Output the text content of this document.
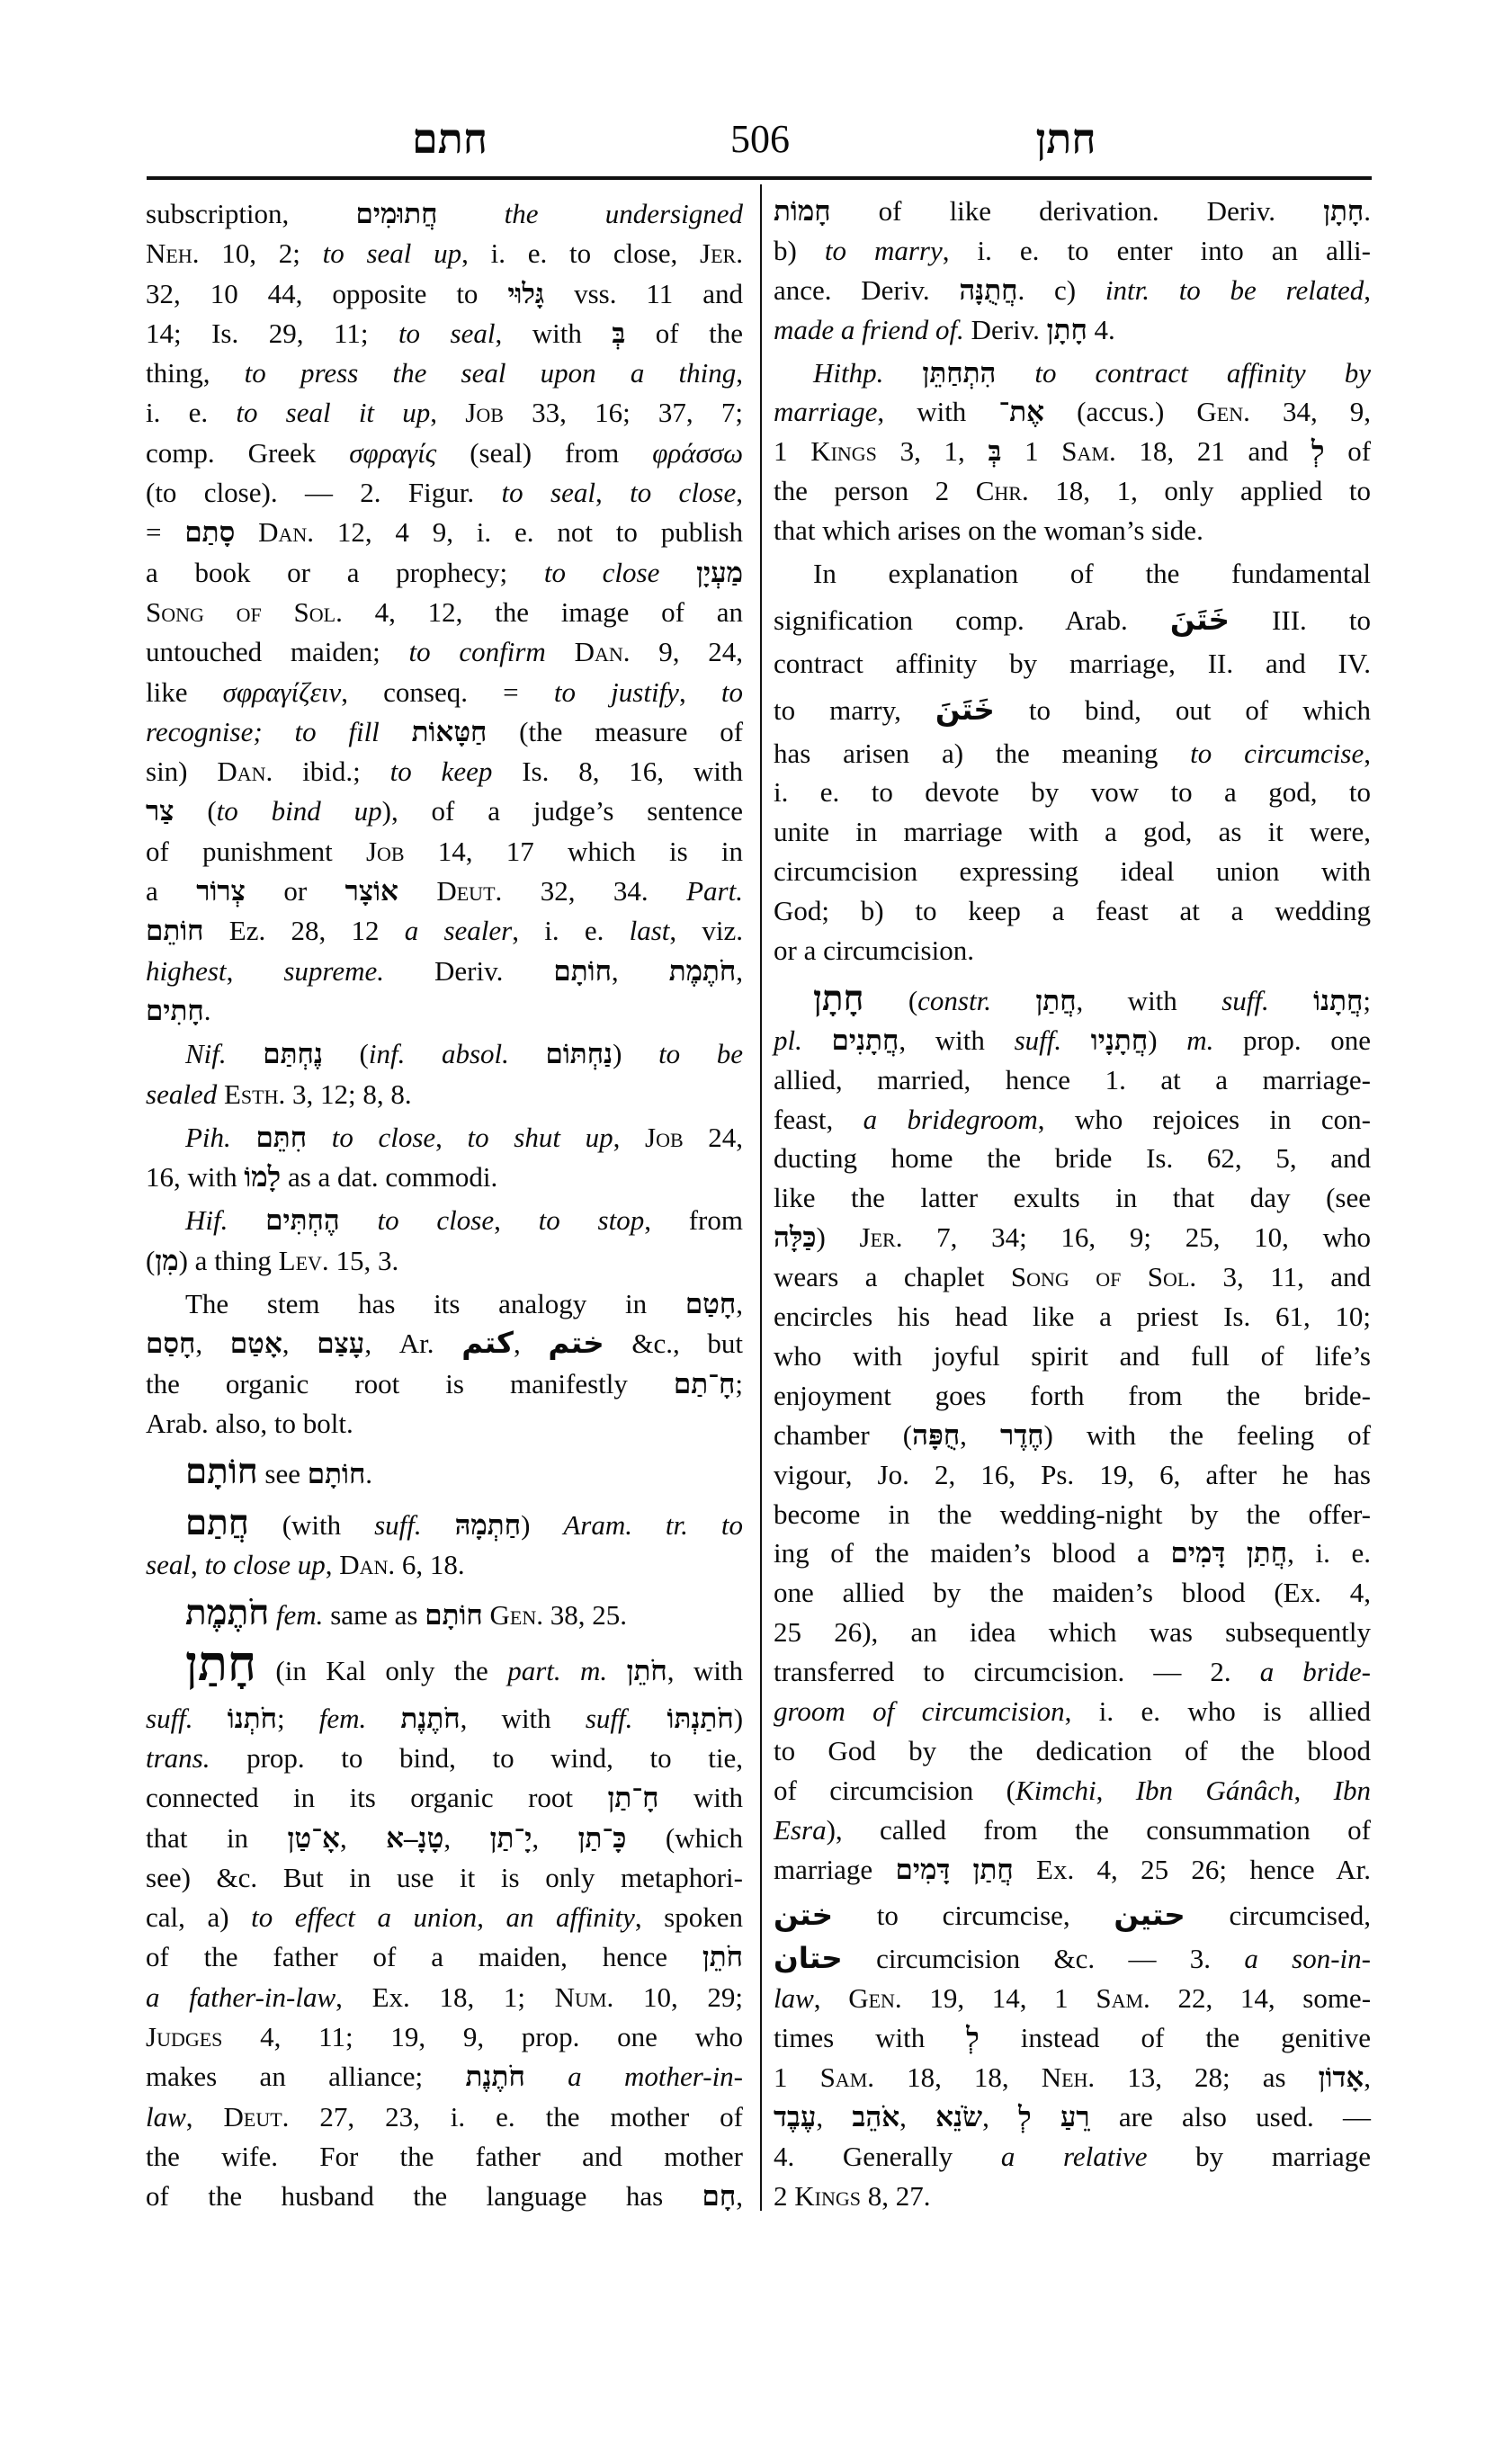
חתם	506	חתן
subscription, חֲתוּמִים the undersigned
Neh. 10, 2; to seal up, i. e. to close, Jer.
32, 10 44, opposite to גָּלוּי vss. 11 and
14; Is. 29, 11; to seal, with בְּ of the
thing, to press the seal upon a thing,
i. e. to seal it up, Job 33, 16; 37, 7;
comp. Greek σφραγίς (seal) from φράσσω
(to close). — 2. Figur. to seal, to close,
= סָתַם Dan. 12, 4 9, i. e. not to publish
a book or a prophecy; to close מַעְיָן
Song of Sol. 4, 12, the image of an
untouched maiden; to confirm Dan. 9, 24,
like σφραγίζειν, conseq. = to justify, to
recognise; to fill חַטָּאוֹת (the measure of
sin) Dan. ibid.; to keep Is. 8, 16, with
צַר (to bind up), of a judge’s sentence
of punishment Job 14, 17 which is in
a צְרוֹר or אוֹצָר Deut. 32, 34. Part.
חוֹתֵם Ez. 28, 12 a sealer, i. e. last, viz.
highest, supreme. Deriv. חוֹתָם, חֹתֶמֶת,
חָתִים.
Nif. נֶחְתַּם (inf. absol. נַחְתּוֹם) to be
sealed Esth. 3, 12; 8, 8.
Pih. חִתֵּם to close, to shut up, Job 24,
16, with לָמוֹ as a dat. commodi.
Hif. הֶחְתִּים to close, to stop, from
(מִן) a thing Lev. 15, 3.
The stem has its analogy in חָטַם,
חָסַם, אָטַם, עָצַם, Ar. كتم, ختم &c., but
the organic root is manifestly חָ־תַם;
Arab. also, to bolt.
חוֹתָם see חוֹתָם.
חֲתַם (with suff. חַתְמָהּ) Aram. tr. to
seal, to close up, Dan. 6, 18.
חֹתֶמֶת fem. same as חוֹתָם Gen. 38, 25.
חָתַן (in Kal only the part. m. חֹתֵן, with
suff. חֹתְנוֹ; fem. חֹתֶנֶת, with suff. חֹתַנְתּוֹ)
trans. prop. to bind, to wind, to tie,
connected in its organic root חָ־תַן with
that in אָ־טַן, טָנָ–א, יָ־תַן, כָּ־תַן (which
see) &c. But in use it is only metaphori-
cal, a) to effect a union, an affinity, spoken
of the father of a maiden, hence חֹתֵן
a father-in-law, Ex. 18, 1; Num. 10, 29;
Judges 4, 11; 19, 9, prop. one who
makes an alliance; חֹתֶנֶת a mother-in-
law, Deut. 27, 23, i. e. the mother of
the wife. For the father and mother
of the husband the language has חָם,
חָמוֹת of like derivation. Deriv. חָתָן.
b) to marry, i. e. to enter into an alli-
ance. Deriv. חֲתֻנָּה. c) intr. to be related,
made a friend of. Deriv. חָתָן 4.
Hithp. הִתְחַתֵּן to contract affinity by
marriage, with אֶת־ (accus.) Gen. 34, 9,
1 Kings 3, 1, בְּ 1 Sam. 18, 21 and לְ of
the person 2 Chr. 18, 1, only applied to
that which arises on the woman’s side.
In explanation of the fundamental
signification comp. Arab. خَتَنَ III. to
contract affinity by marriage, II. and IV.
to marry, خَتَنَ to bind, out of which
has arisen a) the meaning to circumcise,
i. e. to devote by vow to a god, to
unite in marriage with a god, as it were,
circumcision expressing ideal union with
God; b) to keep a feast at a wedding
or a circumcision.
חָתָן (constr. חֲתַן, with suff. חֲתָנוֹ;
pl. חֲתָנִים, with suff. חֲתָנָיו) m. prop. one
allied, married, hence 1. at a marriage-
feast, a bridegroom, who rejoices in con-
ducting home the bride Is. 62, 5, and
like the latter exults in that day (see
כַּלָּה) Jer. 7, 34; 16, 9; 25, 10, who
wears a chaplet Song of Sol. 3, 11, and
encircles his head like a priest Is. 61, 10;
who with joyful spirit and full of life’s
enjoyment goes forth from the bride-
chamber (חֻפָּה, חֶדֶר) with the feeling of
vigour, Jo. 2, 16, Ps. 19, 6, after he has
become in the wedding-night by the offer-
ing of the maiden’s blood a חֲתַן דָּמִים, i. e.
one allied by the maiden’s blood (Ex. 4,
25 26), an idea which was subsequently
transferred to circumcision. — 2. a bride-
groom of circumcision, i. e. who is allied
to God by the dedication of the blood
of circumcision (Kimchi, Ibn Gánâch, Ibn
Esra), called from the consummation of
marriage חֲתַן דָּמִים Ex. 4, 25 26; hence Ar.
ختن to circumcise, حتين circumcised,
حتان circumcision &c. — 3. a son-in-
law, Gen. 19, 14, 1 Sam. 22, 14, some-
times with לְ instead of the genitive
1 Sam. 18, 18, Neh. 13, 28; as אָדוֹן,
עֶבֶד, אֹהֵב, שֹׂנֵא, רֵעַ לְ are also used. —
4. Generally a relative by marriage
2 Kings 8, 27.
